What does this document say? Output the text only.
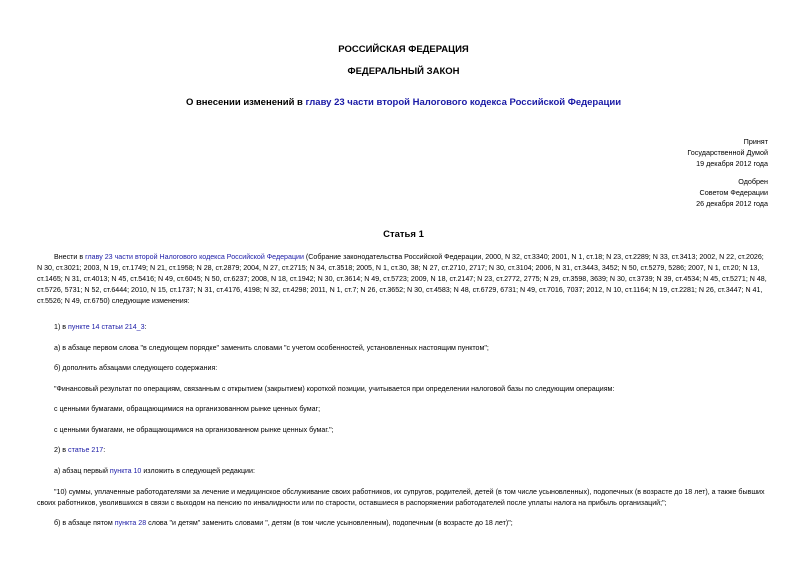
РОССИЙСКАЯ ФЕДЕРАЦИЯ
ФЕДЕРАЛЬНЫЙ ЗАКОН
О внесении изменений в главу 23 части второй Налогового кодекса Российской Федерации
Принят
Государственной Думой
19 декабря 2012 года
Одобрен
Советом Федерации
26 декабря 2012 года
Статья 1
Внести в главу 23 части второй Налогового кодекса Российской Федерации (Собрание законодательства Российской Федерации, 2000, N 32, ст.3340; 2001, N 1, ст.18; N 23, ст.2289; N 33, ст.3413; 2002, N 22, ст.2026; N 30, ст.3021; 2003, N 19, ст.1749; N 21, ст.1958; N 28, ст.2879; 2004, N 27, ст.2715; N 34, ст.3518; 2005, N 1, ст.30, 38; N 27, ст.2710, 2717; N 30, ст.3104; 2006, N 31, ст.3443, 3452; N 50, ст.5279, 5286; 2007, N 1, ст.20; N 13, ст.1465; N 31, ст.4013; N 45, ст.5416; N 49, ст.6045; N 50, ст.6237; 2008, N 18, ст.1942; N 30, ст.3614; N 49, ст.5723; 2009, N 18, ст.2147; N 23, ст.2772, 2775; N 29, ст.3598, 3639; N 30, ст.3739; N 39, ст.4534; N 45, ст.5271; N 48, ст.5726, 5731; N 52, ст.6444; 2010, N 15, ст.1737; N 31, ст.4176, 4198; N 32, ст.4298; 2011, N 1, ст.7; N 26, ст.3652; N 30, ст.4583; N 48, ст.6729, 6731; N 49, ст.7016, 7037; 2012, N 10, ст.1164; N 19, ст.2281; N 26, ст.3447; N 41, ст.5526; N 49, ст.6750) следующие изменения:
1) в пункте 14 статьи 214_3:
а) в абзаце первом слова "в следующем порядке" заменить словами "с учетом особенностей, установленных настоящим пунктом";
б) дополнить абзацами следующего содержания:
"Финансовый результат по операциям, связанным с открытием (закрытием) короткой позиции, учитывается при определении налоговой базы по следующим операциям:
с ценными бумагами, обращающимися на организованном рынке ценных бумаг;
с ценными бумагами, не обращающимися на организованном рынке ценных бумаг.";
2) в статье 217:
а) абзац первый пункта 10 изложить в следующей редакции:
"10) суммы, уплаченные работодателями за лечение и медицинское обслуживание своих работников, их супругов, родителей, детей (в том числе усыновленных), подопечных (в возрасте до 18 лет), а также бывших своих работников, уволившихся в связи с выходом на пенсию по инвалидности или по старости, оставшиеся в распоряжении работодателей после уплаты налога на прибыль организаций;";
б) в абзаце пятом пункта 28 слова "и детям" заменить словами ", детям (в том числе усыновленным), подопечным (в возрасте до 18 лет)";
